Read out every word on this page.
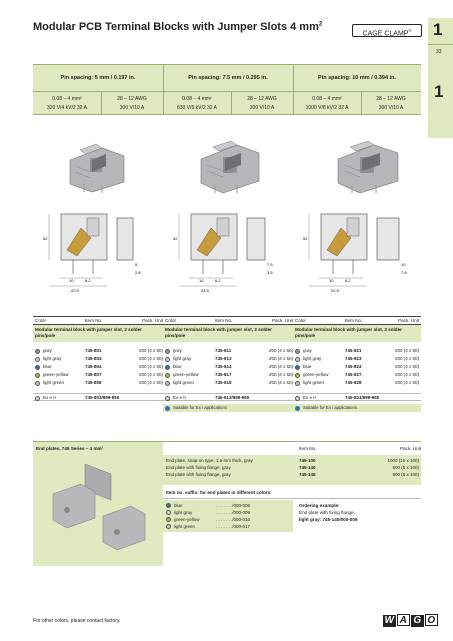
Modular PCB Terminal Blocks with Jumper Slots 4 $mm^2$
CAGE CLAMP®	1
33
1
Pin spacing: 5 mm / 0.197 in.
0.08 – 4 mm²	28 – 12 AWG
320 V/4 kV/2 32 A	300 V/10 A
Pin spacing: 7.5 mm / 0.295 in.
0.08 – 4 mm²	28 – 12 AWG
630 V/6 kV/2 32 A	300 V/10 A
Pin spacing: 10 mm / 0.394 in.
0.08 – 4 mm²	28 – 12 AWG
1000 V/8 kV/2 32 A	300 V/10 A
52
10	6.2
22.9
5
2.8
52
10	6.2
22.9
7.5
3.5
52
10	6.2
22.9
10
7.8
Color	Item No.	Pack. Unit
Modular terminal block with jumper slot, 2 solder pins/pole
gray	745-801	200 (4 x 50)
light gray	745-803	200 (4 x 50)
blue	745-804	200 (4 x 50)
green-yellow	745-807	200 (4 x 50)
light green	745-808	200 (4 x 50)
Ex e II	745-803/999-950
Color	Item No.	Pack. Unit
Modular terminal block with jumper slot, 2 solder pins/pole
gray	745-811	200 (4 x 50)
light gray	745-813	200 (4 x 50)
blue	745-814	200 (4 x 50)
green-yellow	745-817	200 (4 x 50)
light green	745-818	200 (4 x 50)
Ex e II	745-813/999-950
Suitable for Ex i applications
Color	Item No.	Pack. Unit
Modular terminal block with jumper slot, 2 solder pins/pole
gray	745-821	200 (4 x 50)
light gray	745-823	200 (4 x 50)
blue	745-824	200 (4 x 50)
green-yellow	745-827	200 (4 x 50)
light green	745-828	200 (4 x 50)
Ex e II	745-823/999-950
Suitable for Ex i applications
End plates, 745 Series – 4 mm²	Item No.	Pack. Unit
End plate, snap-on type, 1.5 mm thick, gray	745-100	1000 (10 x 100)
End plate with fixing flange, gray	745-140	500 (5 x 100)
End plate with fixing flange, gray	745-145	500 (5 x 100)
Item no. suffix: for end plates in different colors:
blue	. . . . . . ./000-006
light gray	. . . . . . ./000-009
green-yellow	. . . . . . ./000-016
light green	. . . . . . ./000-017
Ordering example:
End plate with fixing flange,
light gray: 745-140/000-009
For other colors, please contact factory.	W A G O
